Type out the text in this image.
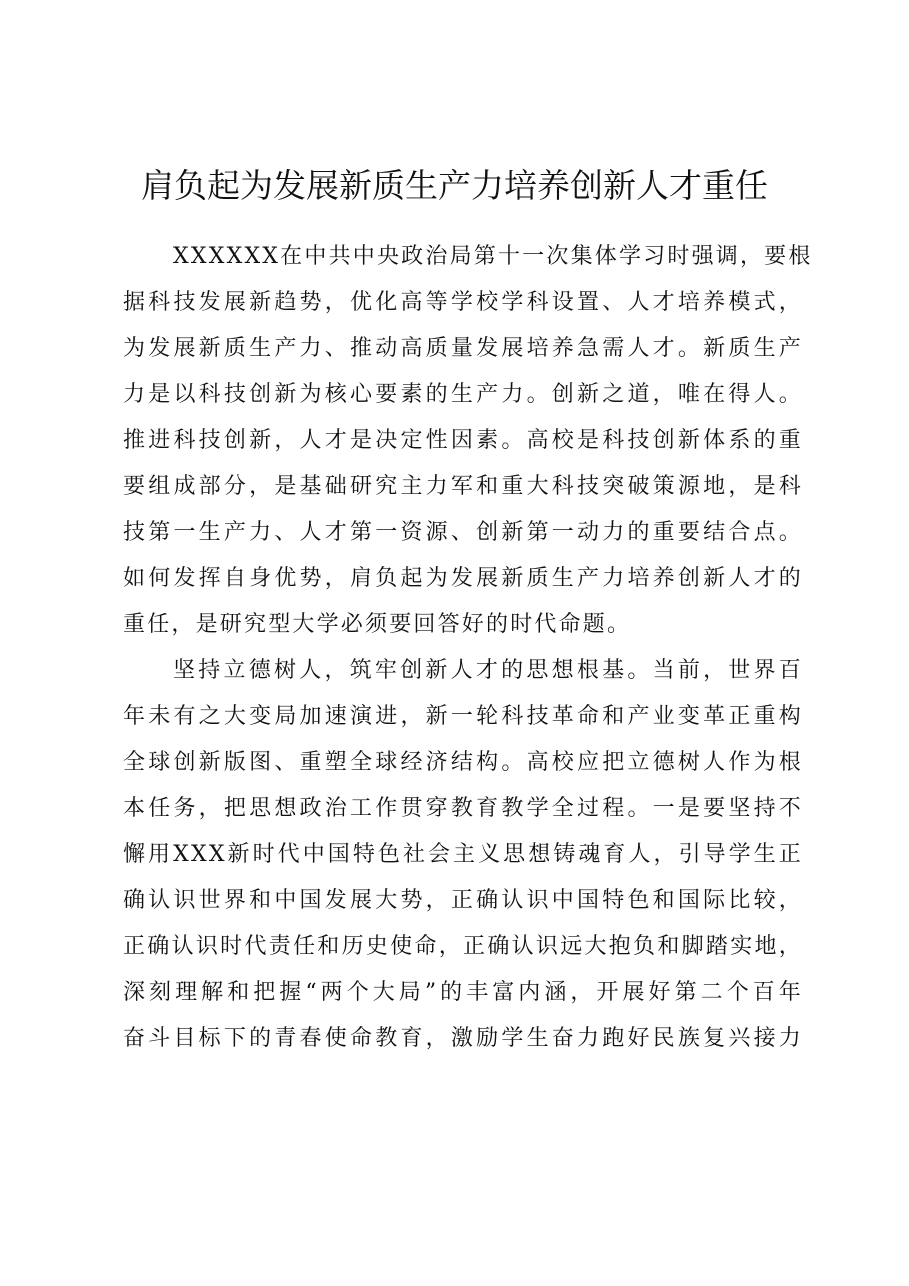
肩负起为发展新质生产力培养创新人才重任
XXXXXX在中共中央政治局第十一次集体学习时强调，要根
据科技发展新趋势，优化高等学校学科设置、人才培养模式，
为发展新质生产力、推动高质量发展培养急需人才。新质生产
力是以科技创新为核心要素的生产力。创新之道，唯在得人。
推进科技创新，人才是决定性因素。高校是科技创新体系的重
要组成部分，是基础研究主力军和重大科技突破策源地，是科
技第一生产力、人才第一资源、创新第一动力的重要结合点。
如何发挥自身优势，肩负起为发展新质生产力培养创新人才的
重任，是研究型大学必须要回答好的时代命题。
坚持立德树人，筑牢创新人才的思想根基。当前，世界百
年未有之大变局加速演进，新一轮科技革命和产业变革正重构
全球创新版图、重塑全球经济结构。高校应把立德树人作为根
本任务，把思想政治工作贯穿教育教学全过程。一是要坚持不
懈用XXX新时代中国特色社会主义思想铸魂育人，引导学生正
确认识世界和中国发展大势，正确认识中国特色和国际比较，
正确认识时代责任和历史使命，正确认识远大抱负和脚踏实地，
深刻理解和把握“两个大局”的丰富内涵，开展好第二个百年
奋斗目标下的青春使命教育，激励学生奋力跑好民族复兴接力
